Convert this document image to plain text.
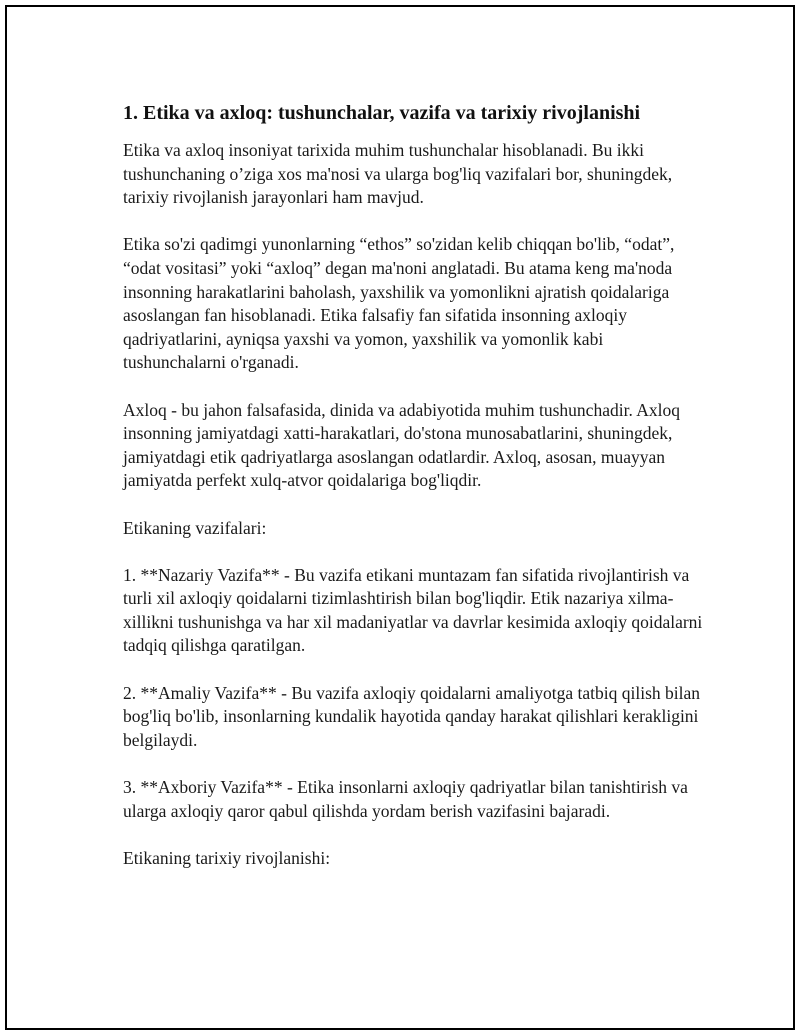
1. Etika va axloq: tushunchalar, vazifa va tarixiy rivojlanishi

Etika va axloq insoniyat tarixida muhim tushunchalar hisoblanadi. Bu ikki tushunchaning o’ziga xos ma'nosi va ularga bog'liq vazifalari bor, shuningdek, tarixiy rivojlanish jarayonlari ham mavjud.

Etika so'zi qadimgi yunonlarning “ethos” so'zidan kelib chiqqan bo'lib, “odat”, “odat vositasi” yoki “axloq” degan ma'noni anglatadi. Bu atama keng ma'noda insonning harakatlarini baholash, yaxshilik va yomonlikni ajratish qoidalariga asoslangan fan hisoblanadi. Etika falsafiy fan sifatida insonning axloqiy qadriyatlarini, ayniqsa yaxshi va yomon, yaxshilik va yomonlik kabi tushunchalarni o'rganadi.

Axloq - bu jahon falsafasida, dinida va adabiyotida muhim tushunchadir. Axloq insonning jamiyatdagi xatti-harakatlari, do'stona munosabatlarini, shuningdek, jamiyatdagi etik qadriyatlarga asoslangan odatlardir. Axloq, asosan, muayyan jamiyatda perfekt xulq-atvor qoidalariga bog'liqdir.

Etikaning vazifalari:

1. **Nazariy Vazifa** - Bu vazifa etikani muntazam fan sifatida rivojlantirish va turli xil axloqiy qoidalarni tizimlashtirish bilan bog'liqdir. Etik nazariya xilma-xillikni tushunishga va har xil madaniyatlar va davrlar kesimida axloqiy qoidalarni tadqiq qilishga qaratilgan.

2. **Amaliy Vazifa** - Bu vazifa axloqiy qoidalarni amaliyotga tatbiq qilish bilan bog'liq bo'lib, insonlarning kundalik hayotida qanday harakat qilishlari kerakligini belgilaydi.

3. **Axboriy Vazifa** - Etika insonlarni axloqiy qadriyatlar bilan tanishtirish va ularga axloqiy qaror qabul qilishda yordam berish vazifasini bajaradi.

Etikaning tarixiy rivojlanishi:
